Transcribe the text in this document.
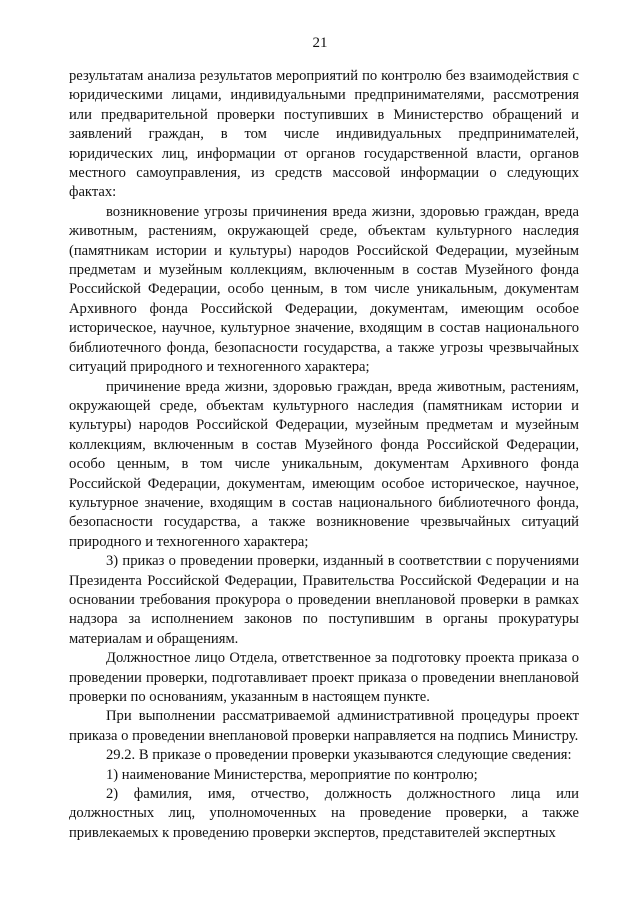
21

результатам анализа результатов мероприятий по контролю без взаимодействия с юридическими лицами, индивидуальными предпринимателями, рассмотрения или предварительной проверки поступивших в Министерство обращений и заявлений граждан, в том числе индивидуальных предпринимателей, юридических лиц, информации от органов государственной власти, органов местного самоуправления, из средств массовой информации о следующих фактах:

возникновение угрозы причинения вреда жизни, здоровью граждан, вреда животным, растениям, окружающей среде, объектам культурного наследия (памятникам истории и культуры) народов Российской Федерации, музейным предметам и музейным коллекциям, включенным в состав Музейного фонда Российской Федерации, особо ценным, в том числе уникальным, документам Архивного фонда Российской Федерации, документам, имеющим особое историческое, научное, культурное значение, входящим в состав национального библиотечного фонда, безопасности государства, а также угрозы чрезвычайных ситуаций природного и техногенного характера;

причинение вреда жизни, здоровью граждан, вреда животным, растениям, окружающей среде, объектам культурного наследия (памятникам истории и культуры) народов Российской Федерации, музейным предметам и музейным коллекциям, включенным в состав Музейного фонда Российской Федерации, особо ценным, в том числе уникальным, документам Архивного фонда Российской Федерации, документам, имеющим особое историческое, научное, культурное значение, входящим в состав национального библиотечного фонда, безопасности государства, а также возникновение чрезвычайных ситуаций природного и техногенного характера;

3) приказ о проведении проверки, изданный в соответствии с поручениями Президента Российской Федерации, Правительства Российской Федерации и на основании требования прокурора о проведении внеплановой проверки в рамках надзора за исполнением законов по поступившим в органы прокуратуры материалам и обращениям.

Должностное лицо Отдела, ответственное за подготовку проекта приказа о проведении проверки, подготавливает проект приказа о проведении внеплановой проверки по основаниям, указанным в настоящем пункте.

При выполнении рассматриваемой административной процедуры проект приказа о проведении внеплановой проверки направляется на подпись Министру.

29.2. В приказе о проведении проверки указываются следующие сведения:

1) наименование Министерства, мероприятие по контролю;

2) фамилия, имя, отчество, должность должностного лица или должностных лиц, уполномоченных на проведение проверки, а также привлекаемых к проведению проверки экспертов, представителей экспертных
